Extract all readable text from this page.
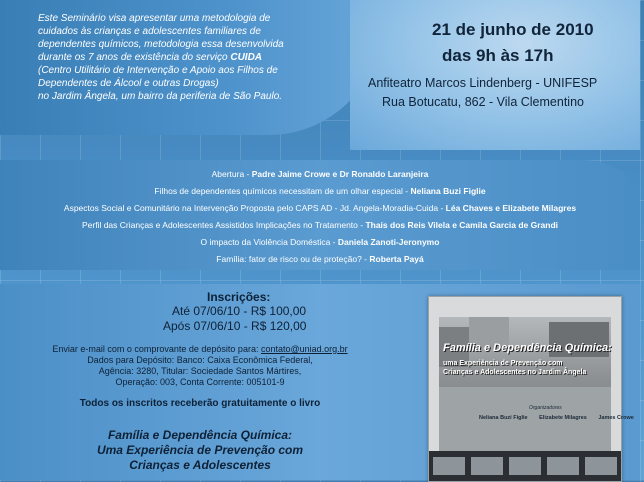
Este Seminário visa apresentar uma metodologia de
cuidados às crianças e adolescentes familiares de
dependentes químicos, metodologia essa desenvolvida
durante os 7 anos de existência do serviço CUIDA
(Centro Utilitário de Intervenção e Apoio aos Filhos de
Dependentes de Álcool e outras Drogas)
no Jardim Ângela, um bairro da periferia de São Paulo.
21 de junho de 2010
das 9h às 17h
Anfiteatro Marcos Lindenberg - UNIFESP
Rua Botucatu, 862 - Vila Clementino
Abertura - Padre Jaime Crowe e Dr Ronaldo Laranjeira
Filhos de dependentes químicos necessitam de um olhar especial - Neliana Buzi Figlie
Aspectos Social e Comunitário na Intervenção Proposta pelo CAPS AD - Jd. Angela-Moradia-Cuida - Léa Chaves e Elizabete Milagres
Perfil das Crianças e Adolescentes Assistidos Implicações no Tratamento - Thaís dos Reis Vilela e Camila Garcia de Grandi
O impacto da Violência Doméstica - Daniela Zanoti-Jeronymo
Família: fator de risco ou de proteção? - Roberta Payá
Inscrições:
Até 07/06/10 - R$ 100,00
Após 07/06/10 - R$ 120,00
Enviar e-mail com o comprovante de depósito para: contato@uniad.org.br
Dados para Depósito: Banco: Caixa Econômica Federal,
Agência: 3280, Titular: Sociedade Santos Mártires,
Operação: 003, Conta Corrente: 005101-9
Todos os inscritos receberão gratuitamente o livro
Família e Dependência Química:
Uma Experiência de Prevenção com
Crianças e Adolescentes
Família e Dependência Química:
uma Experiência de Prevenção com
Crianças e Adolescentes no Jardim Ângela
Organizadores
Neliana Buzi Figlie Elizabete Milagres James Crowe
